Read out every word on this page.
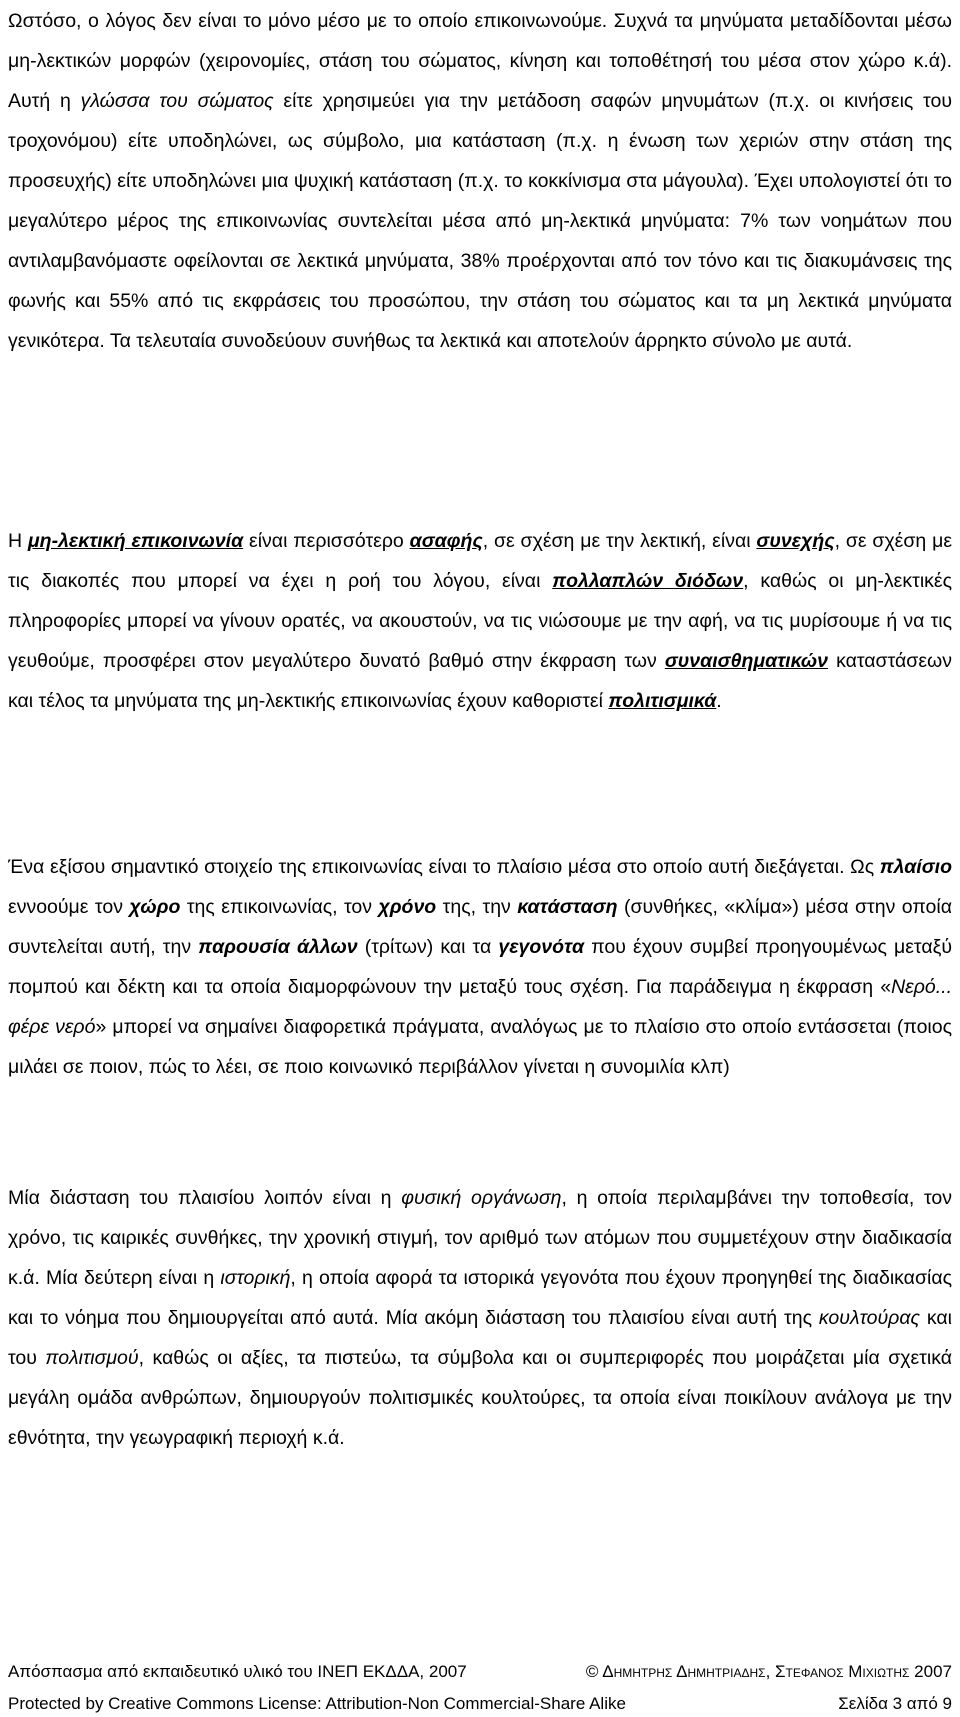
Ωστόσο, ο λόγος δεν είναι το μόνο μέσο με το οποίο επικοινωνούμε. Συχνά τα μηνύματα μεταδίδονται μέσω μη-λεκτικών μορφών (χειρονομίες, στάση του σώματος, κίνηση και τοποθέτησή του μέσα στον χώρο κ.ά). Αυτή η γλώσσα του σώματος είτε χρησιμεύει για την μετάδοση σαφών μηνυμάτων (π.χ. οι κινήσεις του τροχονόμου) είτε υποδηλώνει, ως σύμβολο, μια κατάσταση (π.χ. η ένωση των χεριών στην στάση της προσευχής) είτε υποδηλώνει μια ψυχική κατάσταση (π.χ. το κοκκίνισμα στα μάγουλα). Έχει υπολογιστεί ότι το μεγαλύτερο μέρος της επικοινωνίας συντελείται μέσα από μη-λεκτικά μηνύματα: 7% των νοημάτων που αντιλαμβανόμαστε οφείλονται σε λεκτικά μηνύματα, 38% προέρχονται από τον τόνο και τις διακυμάνσεις της φωνής και 55% από τις εκφράσεις του προσώπου, την στάση του σώματος και τα μη λεκτικά μηνύματα γενικότερα. Τα τελευταία συνοδεύουν συνήθως τα λεκτικά και αποτελούν άρρηκτο σύνολο με αυτά.

Η μη-λεκτική επικοινωνία είναι περισσότερο ασαφής, σε σχέση με την λεκτική, είναι συνεχής, σε σχέση με τις διακοπές που μπορεί να έχει η ροή του λόγου, είναι πολλαπλών διόδων, καθώς οι μη-λεκτικές πληροφορίες μπορεί να γίνουν ορατές, να ακουστούν, να τις νιώσουμε με την αφή, να τις μυρίσουμε ή να τις γευθούμε, προσφέρει στον μεγαλύτερο δυνατό βαθμό στην έκφραση των συναισθηματικών καταστάσεων και τέλος τα μηνύματα της μη-λεκτικής επικοινωνίας έχουν καθοριστεί πολιτισμικά.

Ένα εξίσου σημαντικό στοιχείο της επικοινωνίας είναι το πλαίσιο μέσα στο οποίο αυτή διεξάγεται. Ως πλαίσιο εννοούμε τον χώρο της επικοινωνίας, τον χρόνο της, την κατάσταση (συνθήκες, «κλίμα») μέσα στην οποία συντελείται αυτή, την παρουσία άλλων (τρίτων) και τα γεγονότα που έχουν συμβεί προηγουμένως μεταξύ πομπού και δέκτη και τα οποία διαμορφώνουν την μεταξύ τους σχέση. Για παράδειγμα η έκφραση «Νερό... φέρε νερό» μπορεί να σημαίνει διαφορετικά πράγματα, αναλόγως με το πλαίσιο στο οποίο εντάσσεται (ποιος μιλάει σε ποιον, πώς το λέει, σε ποιο κοινωνικό περιβάλλον γίνεται η συνομιλία κλπ)

Μία διάσταση του πλαισίου λοιπόν είναι η φυσική οργάνωση, η οποία περιλαμβάνει την τοποθεσία, τον χρόνο, τις καιρικές συνθήκες, την χρονική στιγμή, τον αριθμό των ατόμων που συμμετέχουν στην διαδικασία κ.ά. Μία δεύτερη είναι η ιστορική, η οποία αφορά τα ιστορικά γεγονότα που έχουν προηγηθεί της διαδικασίας και το νόημα που δημιουργείται από αυτά. Μία ακόμη διάσταση του πλαισίου είναι αυτή της κουλτούρας και του πολιτισμού, καθώς οι αξίες, τα πιστεύω, τα σύμβολα και οι συμπεριφορές που μοιράζεται μία σχετικά μεγάλη ομάδα ανθρώπων, δημιουργούν πολιτισμικές κουλτούρες, τα οποία είναι ποικίλουν ανάλογα με την εθνότητα, την γεωγραφική περιοχή κ.ά.

Απόσπασμα από εκπαιδευτικό υλικό του ΙΝΕΠ ΕΚΔΔΑ, 2007	© Δημητρης Δημητριαδης, Στεφανος Μιχιωτης 2007
Protected by Creative Commons License: Attribution-Non Commercial-Share Alike	Σελίδα 3 από 9
